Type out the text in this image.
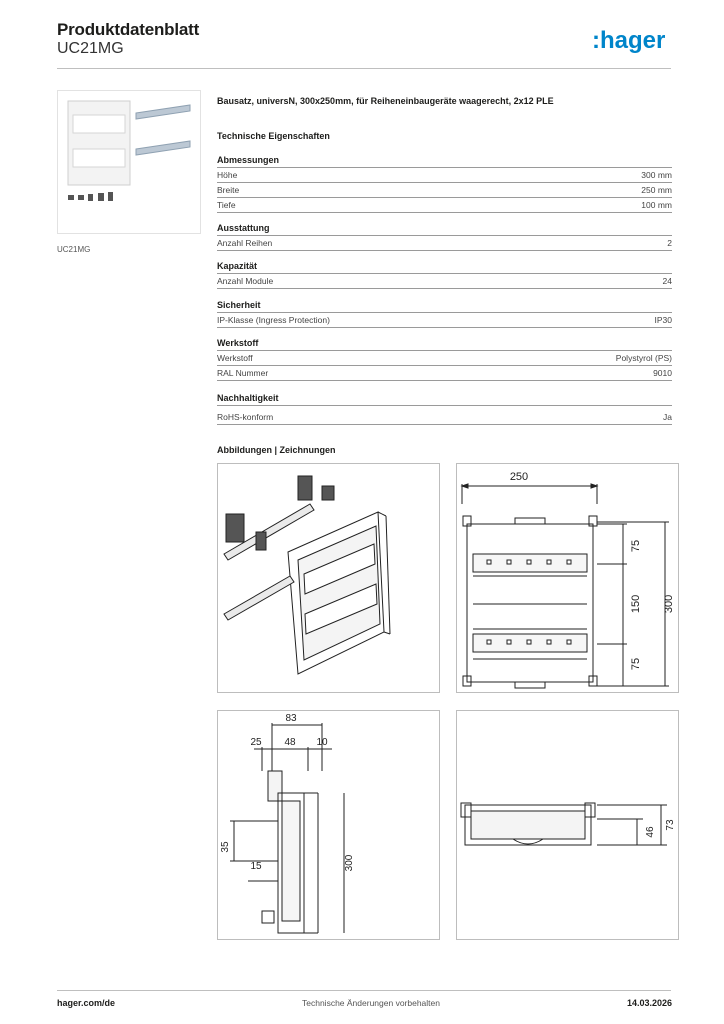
Produktdatenblatt
UC21MG	:hager
UC21MG
Bausatz, universN, 300x250mm, für Reiheneinbaugeräte waagerecht, 2x12 PLE
Technische Eigenschaften
Abmessungen
Höhe	300 mm
Breite	250 mm
Tiefe	100 mm
Ausstattung
Anzahl Reihen	2
Kapazität
Anzahl Module	24
Sicherheit
IP-Klasse (Ingress Protection)	IP30
Werkstoff
Werkstoff	Polystyrol (PS)
RAL Nummer	9010
Nachhaltigkeit
RoHS-konform	Ja
Abbildungen | Zeichnungen
250
75
150
75
300
83
25 48 10
35
15	300
46
73
hager.com/de	Technische Änderungen vorbehalten	14.03.2026
